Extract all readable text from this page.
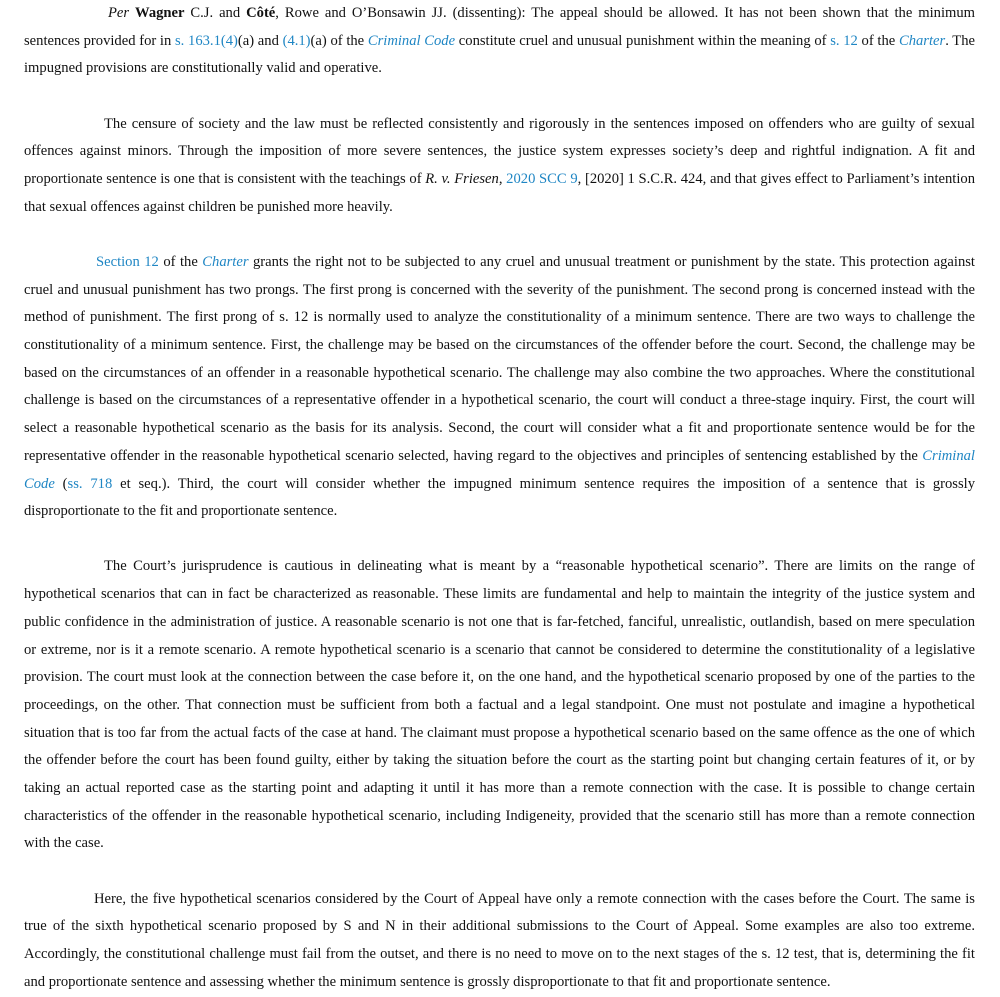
Per Wagner C.J. and Côté, Rowe and O’Bonsawin JJ. (dissenting): The appeal should be allowed. It has not been shown that the minimum sentences provided for in s. 163.1(4)(a) and (4.1)(a) of the Criminal Code constitute cruel and unusual punishment within the meaning of s. 12 of the Charter. The impugned provisions are constitutionally valid and operative.

The censure of society and the law must be reflected consistently and rigorously in the sentences imposed on offenders who are guilty of sexual offences against minors. Through the imposition of more severe sentences, the justice system expresses society’s deep and rightful indignation. A fit and proportionate sentence is one that is consistent with the teachings of R. v. Friesen, 2020 SCC 9, [2020] 1 S.C.R. 424, and that gives effect to Parliament’s intention that sexual offences against children be punished more heavily.

Section 12 of the Charter grants the right not to be subjected to any cruel and unusual treatment or punishment by the state. This protection against cruel and unusual punishment has two prongs. The first prong is concerned with the severity of the punishment. The second prong is concerned instead with the method of punishment. The first prong of s. 12 is normally used to analyze the constitutionality of a minimum sentence. There are two ways to challenge the constitutionality of a minimum sentence. First, the challenge may be based on the circumstances of the offender before the court. Second, the challenge may be based on the circumstances of an offender in a reasonable hypothetical scenario. The challenge may also combine the two approaches. Where the constitutional challenge is based on the circumstances of a representative offender in a hypothetical scenario, the court will conduct a three-stage inquiry. First, the court will select a reasonable hypothetical scenario as the basis for its analysis. Second, the court will consider what a fit and proportionate sentence would be for the representative offender in the reasonable hypothetical scenario selected, having regard to the objectives and principles of sentencing established by the Criminal Code (ss. 718 et seq.). Third, the court will consider whether the impugned minimum sentence requires the imposition of a sentence that is grossly disproportionate to the fit and proportionate sentence.

The Court’s jurisprudence is cautious in delineating what is meant by a “reasonable hypothetical scenario”. There are limits on the range of hypothetical scenarios that can in fact be characterized as reasonable. These limits are fundamental and help to maintain the integrity of the justice system and public confidence in the administration of justice. A reasonable scenario is not one that is far-fetched, fanciful, unrealistic, outlandish, based on mere speculation or extreme, nor is it a remote scenario. A remote hypothetical scenario is a scenario that cannot be considered to determine the constitutionality of a legislative provision. The court must look at the connection between the case before it, on the one hand, and the hypothetical scenario proposed by one of the parties to the proceedings, on the other. That connection must be sufficient from both a factual and a legal standpoint. One must not postulate and imagine a hypothetical situation that is too far from the actual facts of the case at hand. The claimant must propose a hypothetical scenario based on the same offence as the one of which the offender before the court has been found guilty, either by taking the situation before the court as the starting point but changing certain features of it, or by taking an actual reported case as the starting point and adapting it until it has more than a remote connection with the case. It is possible to change certain characteristics of the offender in the reasonable hypothetical scenario, including Indigeneity, provided that the scenario still has more than a remote connection with the case.

Here, the five hypothetical scenarios considered by the Court of Appeal have only a remote connection with the cases before the Court. The same is true of the sixth hypothetical scenario proposed by S and N in their additional submissions to the Court of Appeal. Some examples are also too extreme. Accordingly, the constitutional challenge must fail from the outset, and there is no need to move on to the next stages of the s. 12 test, that is, determining the fit and proportionate sentence and assessing whether the minimum sentence is grossly disproportionate to that fit and proportionate sentence.
